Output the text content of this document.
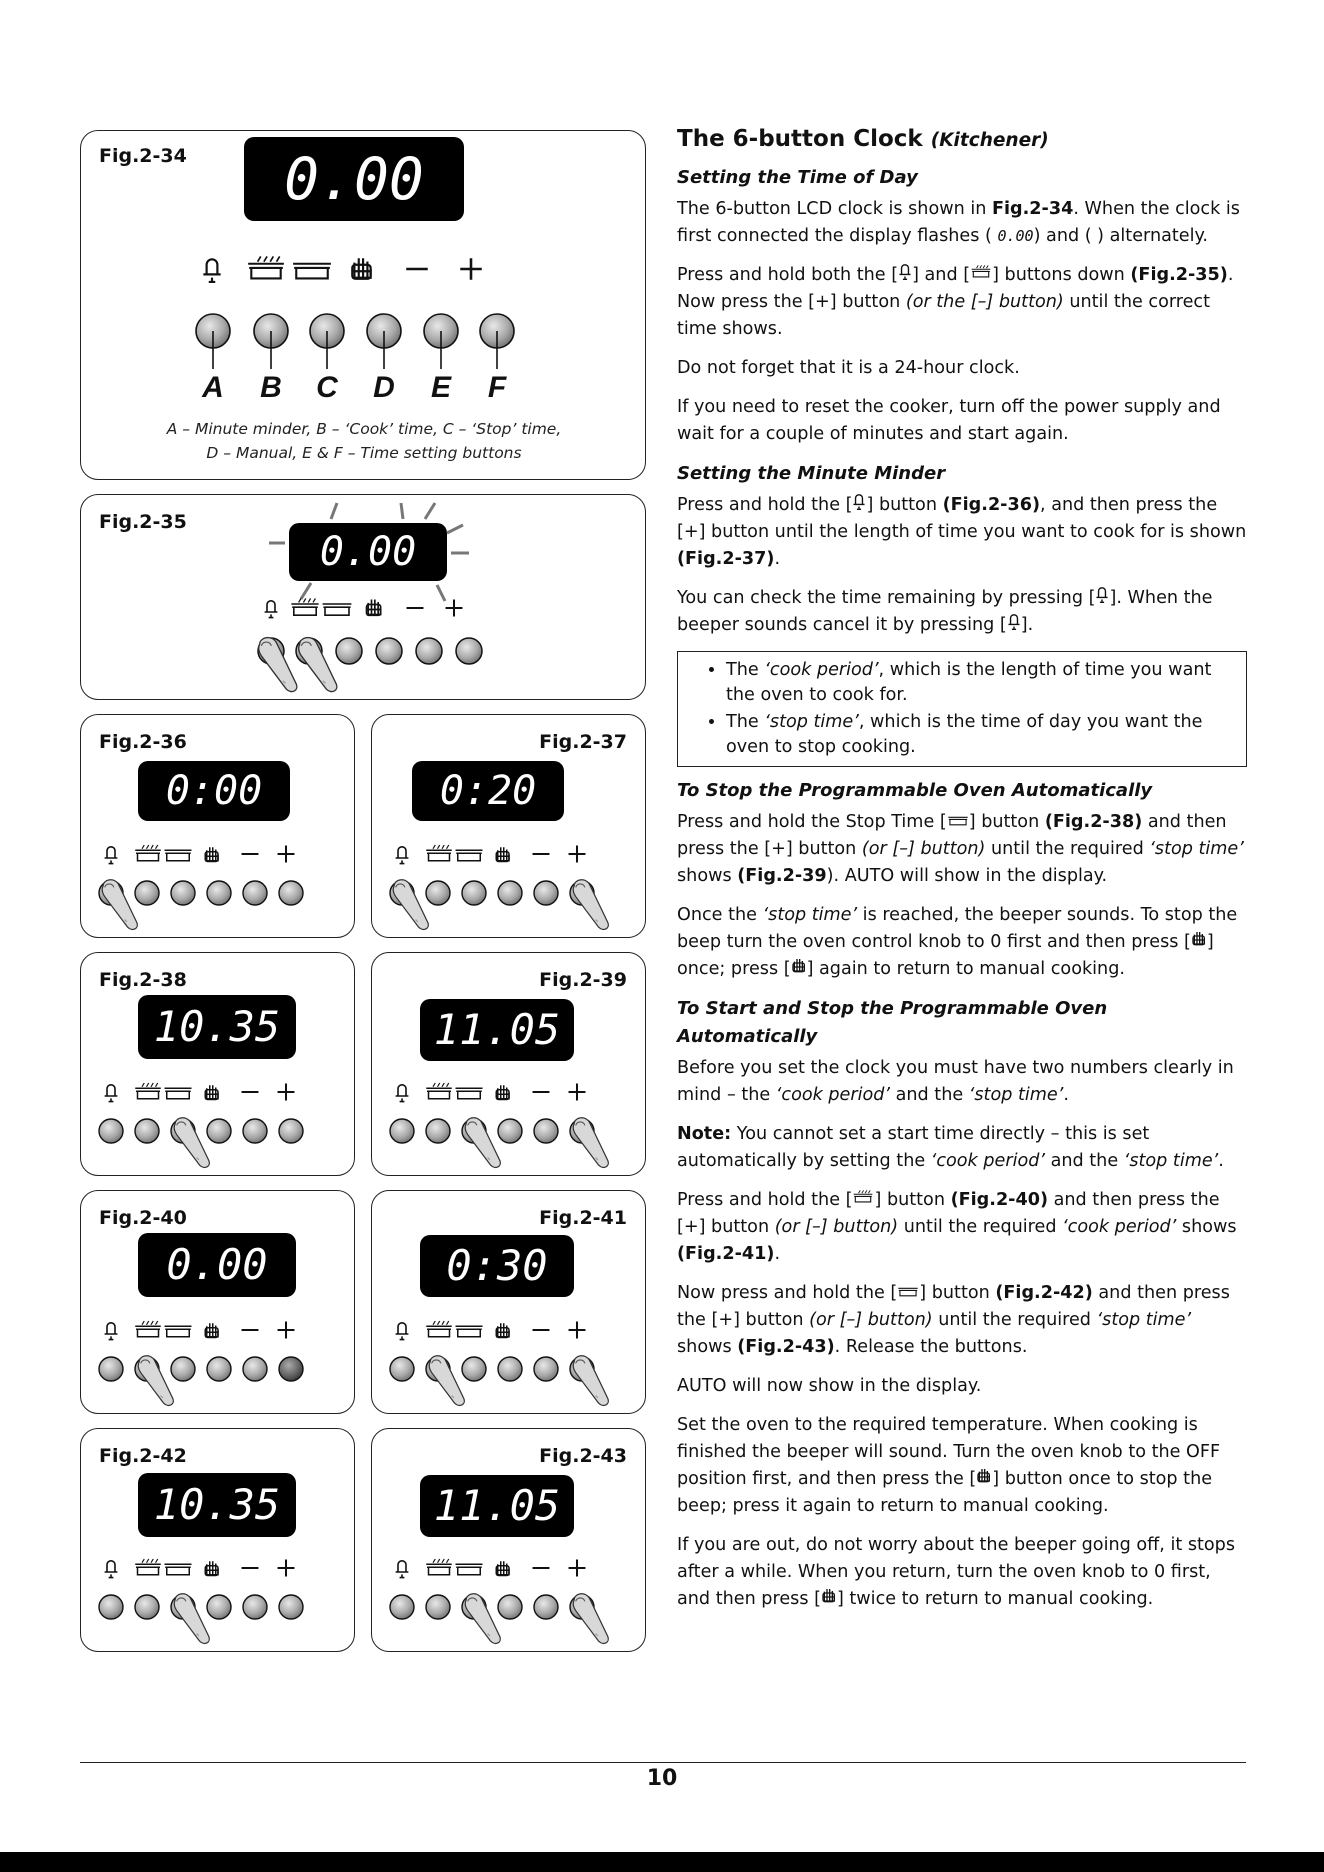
Fig.2-34	0.00
A B C D E F
A – Minute minder, B – ‘Cook’ time, C – ‘Stop’ time,
D – Manual, E & F – Time setting buttons
Fig.2-35
0.00
Fig.2-36
0:00
Fig.2-37
0:20
Fig.2-38
10.35
Fig.2-39
11.05
Fig.2-40
0.00
Fig.2-41
0:30
Fig.2-42
10.35
Fig.2-43
11.05
The 6-button Clock (Kitchener)
Setting the Time of Day

The 6-button LCD clock is shown in Fig.2-34. When the clock is first connected the display flashes ( 0.00) and ( ) alternately.

Press and hold both the [ ] and [ ] buttons down (Fig.2-35). Now press the [+] button (or the [–] button) until the correct time shows.

Do not forget that it is a 24-hour clock.

If you need to reset the cooker, turn off the power supply and wait for a couple of minutes and start again.

Setting the Minute Minder

Press and hold the [ ] button (Fig.2-36), and then press the [+] button until the length of time you want to cook for is shown (Fig.2-37).

You can check the time remaining by pressing [ ]. When the beeper sounds cancel it by pressing [ ].

• The ‘cook period’, which is the length of time you want the oven to cook for.
• The ‘stop time’, which is the time of day you want the oven to stop cooking.
To Stop the Programmable Oven Automatically

Press and hold the Stop Time [ ] button (Fig.2-38) and then press the [+] button (or [–] button) until the required ‘stop time’ shows (Fig.2-39). AUTO will show in the display.

Once the ‘stop time’ is reached, the beeper sounds. To stop the beep turn the oven control knob to 0 first and then press [ ] once; press [ ] again to return to manual cooking.

To Start and Stop the Programmable Oven Automatically

Before you set the clock you must have two numbers clearly in mind – the ‘cook period’ and the ‘stop time’.

Note: You cannot set a start time directly – this is set automatically by setting the ‘cook period’ and the ‘stop time’.

Press and hold the [ ] button (Fig.2-40) and then press the [+] button (or [–] button) until the required ‘cook period’ shows (Fig.2-41).

Now press and hold the [ ] button (Fig.2-42) and then press the [+] button (or [–] button) until the required ‘stop time’ shows (Fig.2-43). Release the buttons.

AUTO will now show in the display.

Set the oven to the required temperature. When cooking is finished the beeper will sound. Turn the oven knob to the OFF position first, and then press the [ ] button once to stop the beep; press it again to return to manual cooking.

If you are out, do not worry about the beeper going off, it stops after a while. When you return, turn the oven knob to 0 first, and then press [ ] twice to return to manual cooking.

10
